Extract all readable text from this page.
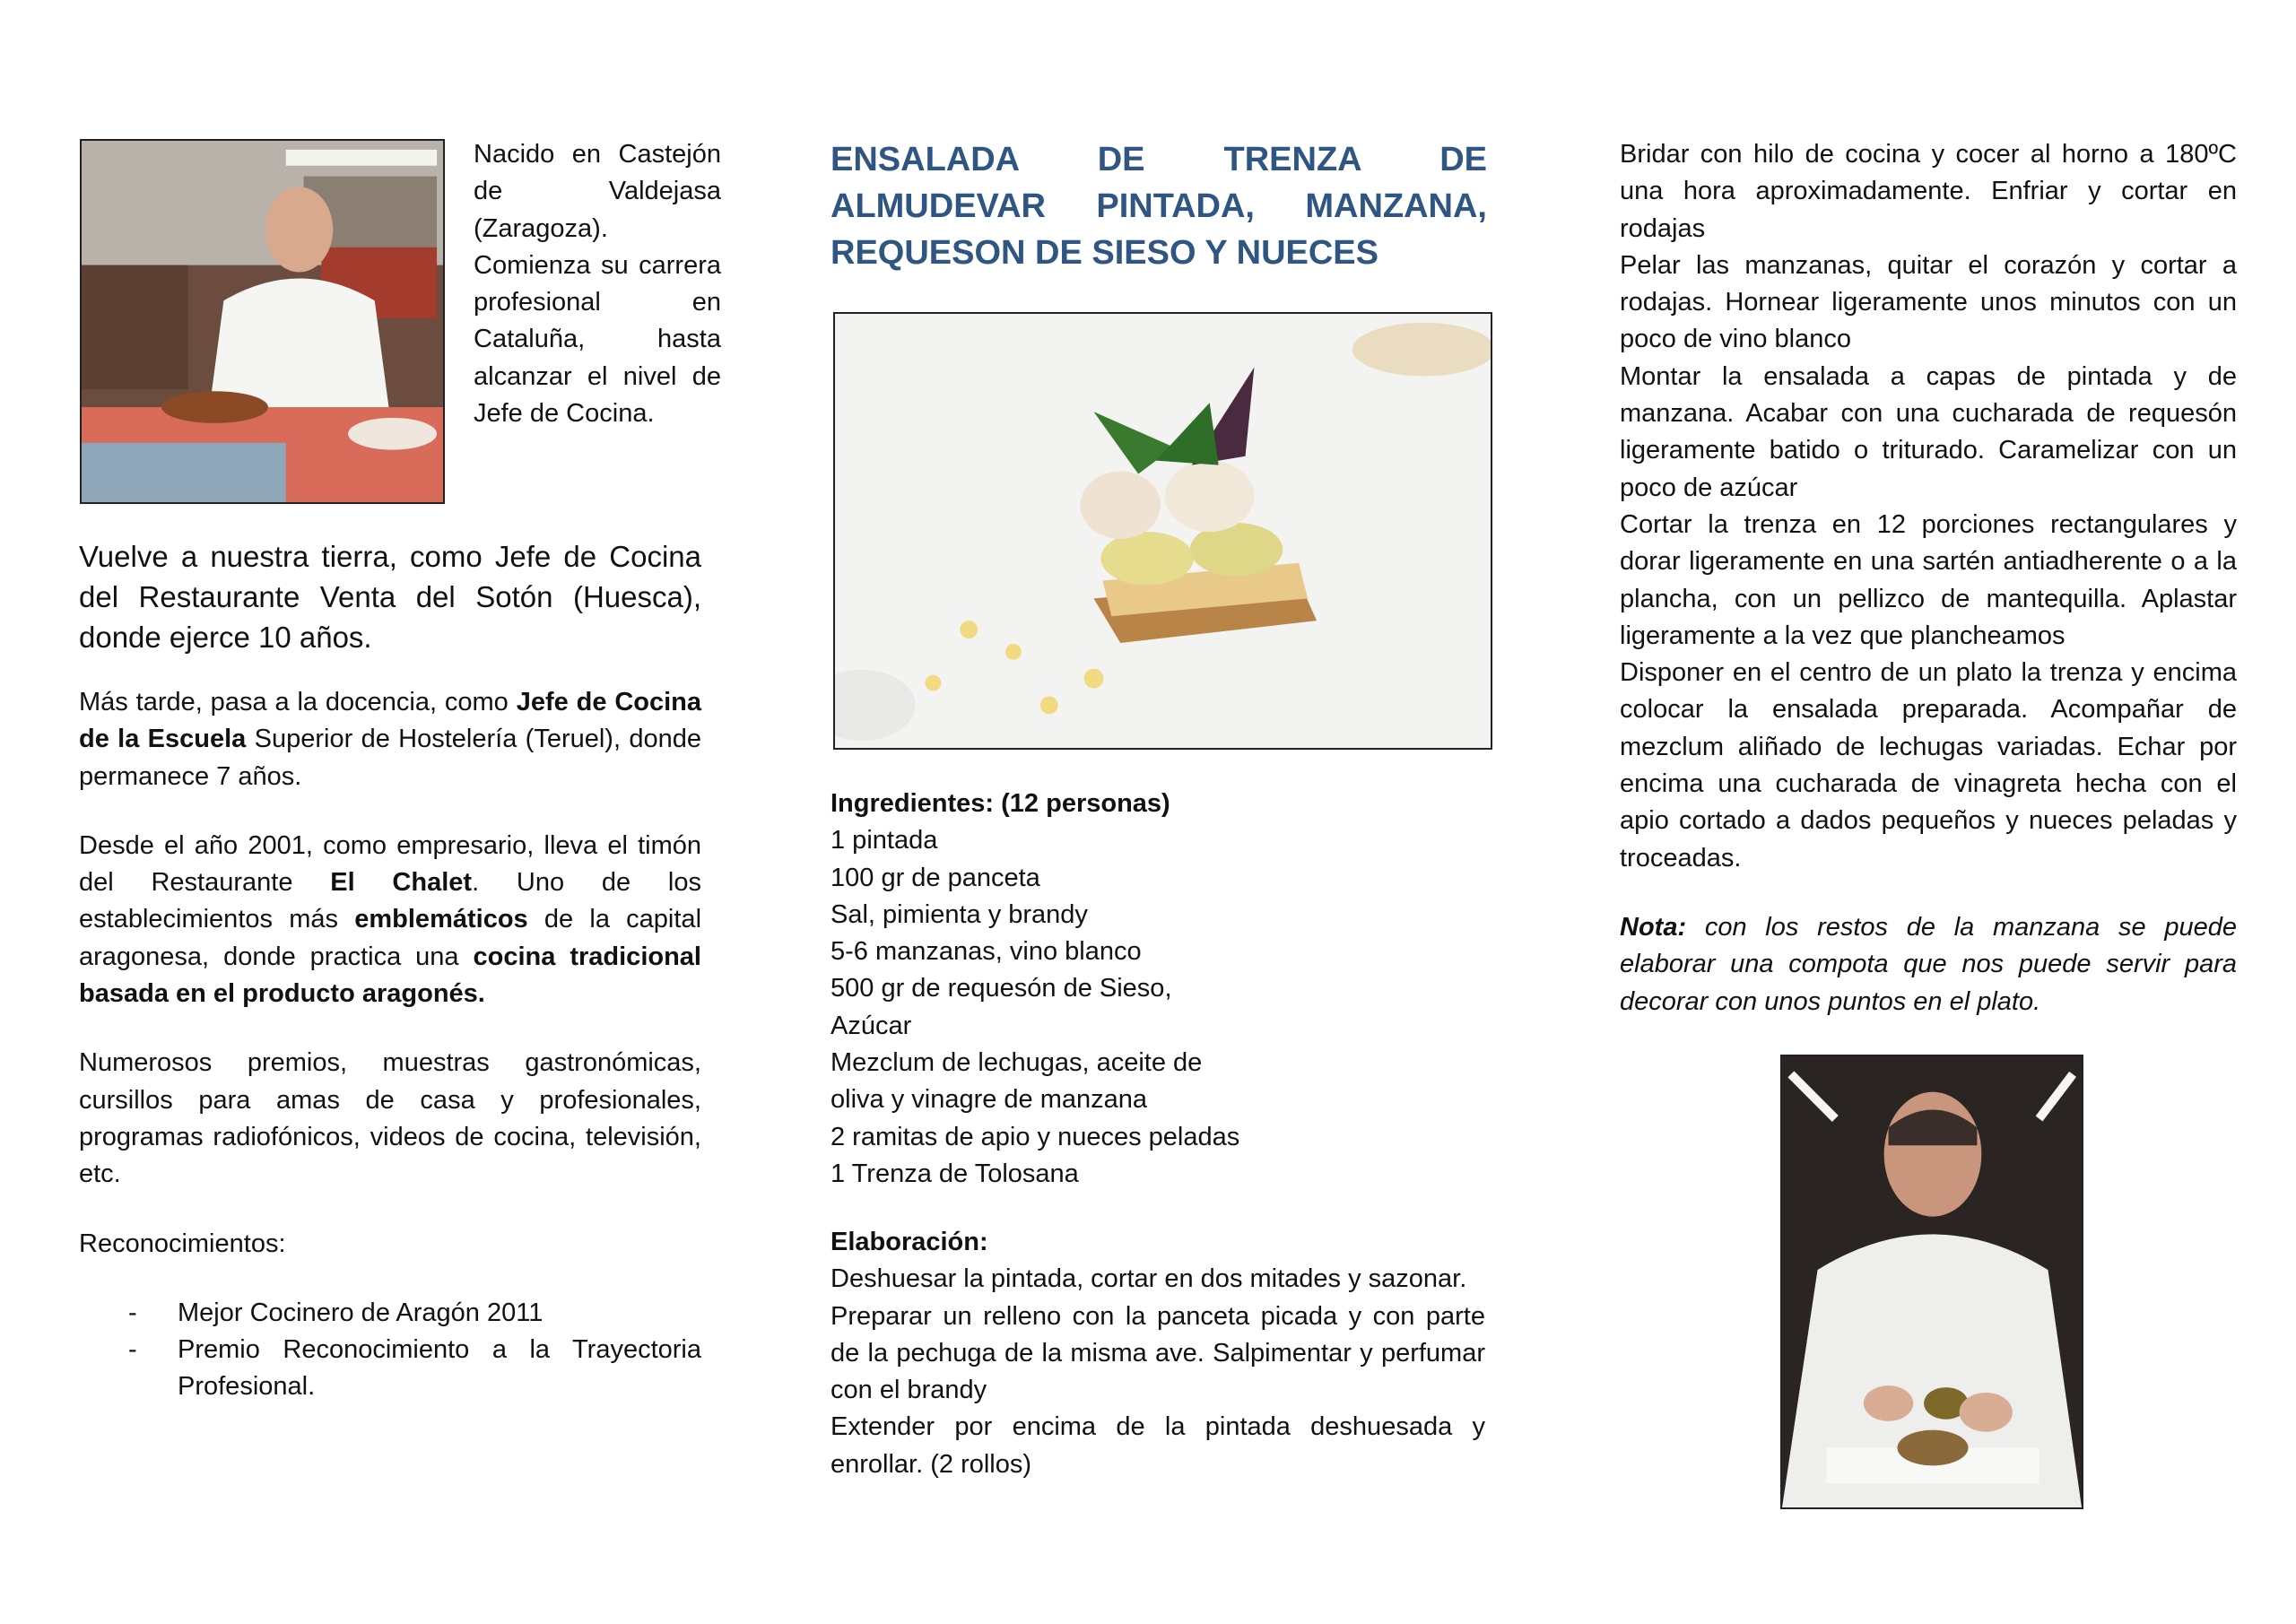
Nacido en Castejón de Valdejasa (Zaragoza). Comienza su carrera profesional en Cataluña, hasta alcanzar el nivel de Jefe de Cocina.

Vuelve a nuestra tierra, como Jefe de Cocina del Restaurante Venta del Sotón (Huesca), donde ejerce 10 años.

Más tarde, pasa a la docencia, como Jefe de Cocina de la Escuela Superior de Hostelería (Teruel), donde permanece 7 años.

Desde el año 2001, como empresario, lleva el timón del Restaurante El Chalet. Uno de los establecimientos más emblemáticos de la capital aragonesa, donde practica una cocina tradicional basada en el producto aragonés.

Numerosos premios, muestras gastronómicas, cursillos para amas de casa y profesionales, programas radiofónicos, videos de cocina, televisión, etc.

Reconocimientos:

- Mejor Cocinero de Aragón 2011
- Premio Reconocimiento a la Trayectoria Profesional.
ENSALADA DE TRENZA DE ALMUDEVAR PINTADA, MANZANA, REQUESON DE SIESO Y NUECES

Ingredientes: (12 personas)

1 pintada

100 gr de panceta

Sal, pimienta y brandy

5-6 manzanas, vino blanco

500 gr de requesón de Sieso,

Azúcar

Mezclum de lechugas, aceite de

oliva y vinagre de manzana

2 ramitas de apio y nueces peladas

1 Trenza de Tolosana

Elaboración:

Deshuesar la pintada, cortar en dos mitades y sazonar.

Preparar un relleno con la panceta picada y con parte de la pechuga de la misma ave. Salpimentar y perfumar con el brandy

Extender por encima de la pintada deshuesada y enrollar. (2 rollos)

Bridar con hilo de cocina y cocer al horno a 180ºC una hora aproximadamente. Enfriar y cortar en rodajas

Pelar las manzanas, quitar el corazón y cortar a rodajas. Hornear ligeramente unos minutos con un poco de vino blanco

Montar la ensalada a capas de pintada y de manzana. Acabar con una cucharada de requesón ligeramente batido o triturado. Caramelizar con un poco de azúcar

Cortar la trenza en 12 porciones rectangulares y dorar ligeramente en una sartén antiadherente o a la plancha, con un pellizco de mantequilla. Aplastar ligeramente a la vez que plancheamos

Disponer en el centro de un plato la trenza y encima colocar la ensalada preparada. Acompañar de mezclum aliñado de lechugas variadas. Echar por encima una cucharada de vinagreta hecha con el apio cortado a dados pequeños y nueces peladas y troceadas.

Nota: con los restos de la manzana se puede elaborar una compota que nos puede servir para decorar con unos puntos en el plato.
